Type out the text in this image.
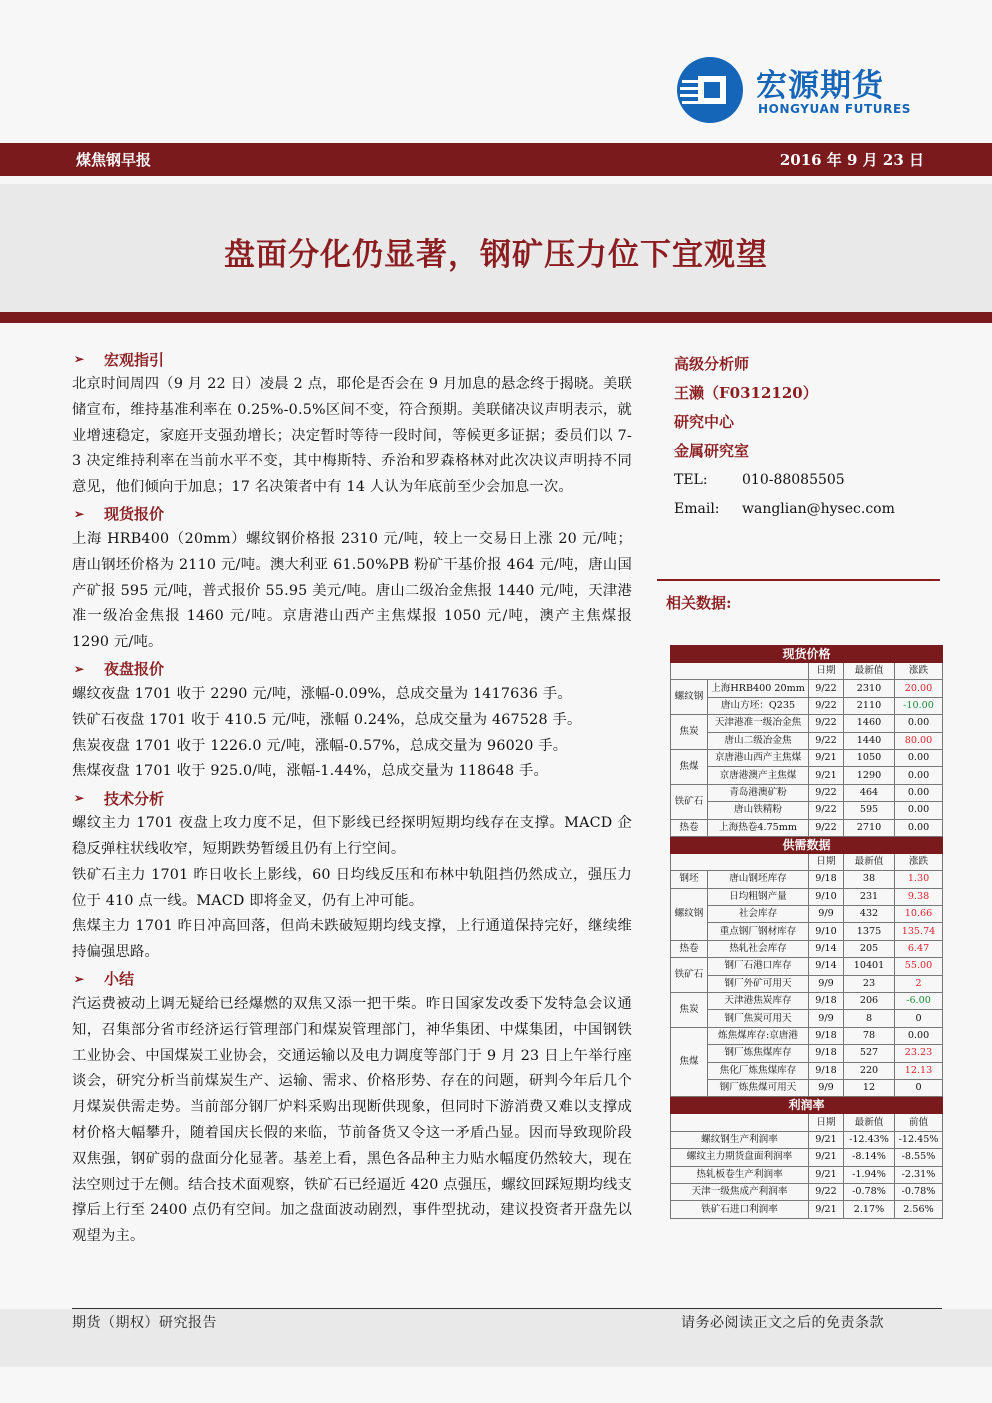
宏源期货
HONGYUAN FUTURES
煤焦钢早报	2016 年 9 月 23 日
盘面分化仍显著，钢矿压力位下宜观望
➢ 宏观指引
北京时间周四（9 月 22 日）凌晨 2 点，耶伦是否会在 9 月加息的悬念终于揭晓。美联储宣布，维持基准利率在 0.25%-0.5%区间不变，符合预期。美联储决议声明表示，就业增速稳定，家庭开支强劲增长；决定暂时等待一段时间，等候更多证据；委员们以 7-3 决定维持利率在当前水平不变，其中梅斯特、乔治和罗森格林对此次决议声明持不同意见，他们倾向于加息；17 名决策者中有 14 人认为年底前至少会加息一次。
➢ 现货报价
上海 HRB400（20mm）螺纹钢价格报 2310 元/吨，较上一交易日上涨 20 元/吨；唐山钢坯价格为 2110 元/吨。澳大利亚 61.50%PB 粉矿干基价报 464 元/吨，唐山国产矿报 595 元/吨，普式报价 55.95 美元/吨。唐山二级冶金焦报 1440 元/吨，天津港准一级冶金焦报 1460 元/吨。京唐港山西产主焦煤报 1050 元/吨，澳产主焦煤报 1290 元/吨。
➢ 夜盘报价
螺纹夜盘 1701 收于 2290 元/吨，涨幅-0.09%，总成交量为 1417636 手。
铁矿石夜盘 1701 收于 410.5 元/吨，涨幅 0.24%，总成交量为 467528 手。
焦炭夜盘 1701 收于 1226.0 元/吨，涨幅-0.57%，总成交量为 96020 手。
焦煤夜盘 1701 收于 925.0/吨，涨幅-1.44%，总成交量为 118648 手。
➢ 技术分析
螺纹主力 1701 夜盘上攻力度不足，但下影线已经探明短期均线存在支撑。MACD 企稳反弹柱状线收窄，短期跌势暂缓且仍有上行空间。
铁矿石主力 1701 昨日收长上影线，60 日均线反压和布林中轨阻挡仍然成立，强压力位于 410 点一线。MACD 即将金叉，仍有上冲可能。
焦煤主力 1701 昨日冲高回落，但尚未跌破短期均线支撑，上行通道保持完好，继续维持偏强思路。
➢ 小结
汽运费被动上调无疑给已经爆燃的双焦又添一把干柴。昨日国家发改委下发特急会议通知，召集部分省市经济运行管理部门和煤炭管理部门，神华集团、中煤集团，中国钢铁工业协会、中国煤炭工业协会，交通运输以及电力调度等部门于 9 月 23 日上午举行座谈会，研究分析当前煤炭生产、运输、需求、价格形势、存在的问题，研判今年后几个月煤炭供需走势。当前部分钢厂炉料采购出现断供现象，但同时下游消费又难以支撑成材价格大幅攀升，随着国庆长假的来临，节前备货又令这一矛盾凸显。因而导致现阶段双焦强，钢矿弱的盘面分化显著。基差上看，黑色各品种主力贴水幅度仍然较大，现在法空则过于左侧。结合技术面观察，铁矿石已经逼近 420 点强压，螺纹回踩短期均线支撑后上行至 2400 点仍有空间。加之盘面波动剧烈，事件型扰动，建议投资者开盘先以观望为主。
高级分析师
王濑（F0312120）
研究中心
金属研究室
TEL:	010-88085505
Email:	wanglian@hysec.com
相关数据:
现货价格				
		日期	最新值	涨跌
螺纹钢	上海HRB400 20mm	9/22	2310	20.00
	唐山方坯：Q235	9/22	2110	-10.00
焦炭	天津港准一级冶金焦	9/22	1460	0.00
	唐山二级冶金焦	9/22	1440	80.00
焦煤	京唐港山西产主焦煤	9/21	1050	0.00
	京唐港澳产主焦煤	9/21	1290	0.00
铁矿石	青岛港澳矿粉	9/22	464	0.00
	唐山铁精粉	9/22	595	0.00
热卷	上海热卷4.75mm	9/22	2710	0.00
供需数据				
		日期	最新值	涨跌
钢坯	唐山钢坯库存	9/18	38	1.30
螺纹钢	日均粗钢产量	9/10	231	9.38
	社会库存	9/9	432	10.66
	重点钢厂钢材库存	9/10	1375	135.74
热卷	热轧社会库存	9/14	205	6.47
铁矿石	钢厂石港口库存	9/14	10401	55.00
	钢厂外矿可用天	9/9	23	2
焦炭	天津港焦炭库存	9/18	206	-6.00
	钢厂焦炭可用天	9/9	8	0
焦煤	炼焦煤库存:京唐港	9/18	78	0.00
	钢厂炼焦煤库存	9/18	527	23.23
	焦化厂炼焦煤库存	9/18	220	12.13
	钢厂炼焦煤可用天	9/9	12	0
利润率				
		日期	最新值	前值
螺纹钢生产利润率		9/21	-12.43%	-12.45%
螺纹主力期货盘面利润率		9/21	-8.14%	-8.55%
热轧板卷生产利润率		9/21	-1.94%	-2.31%
天津一级焦成产利润率		9/22	-0.78%	-0.78%
铁矿石进口利润率		9/21	2.17%	2.56%
期货（期权）研究报告	请务必阅读正文之后的免责条款
